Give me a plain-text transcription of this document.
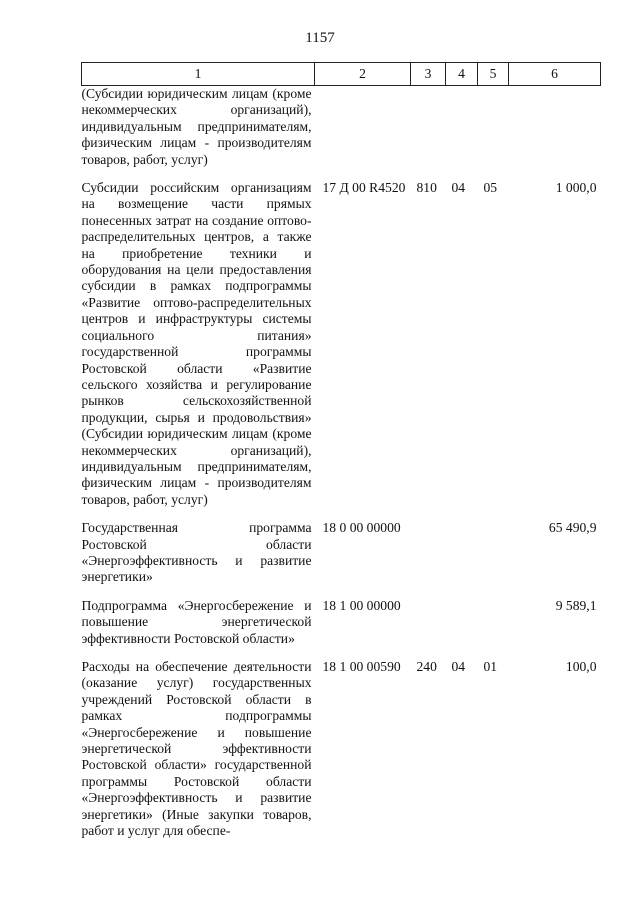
1157
1	2	3	4	5	6
(Субсидии юридическим лицам (кроме некоммерческих организаций), индивидуальным предпринимателям, физическим лицам - производителям товаров, работ, услуг)					
Субсидии российским организациям на возмещение части прямых понесенных затрат на создание оптово-распределительных центров, а также на приобретение техники и оборудования на цели предоставления субсидии в рамках подпрограммы «Развитие оптово-распределительных центров и инфраструктуры системы социального питания» государственной программы Ростовской области «Развитие сельского хозяйства и регулирование рынков сельскохозяйственной продукции, сырья и продовольствия» (Субсидии юридическим лицам (кроме некоммерческих организаций), индивидуальным предпринимателям, физическим лицам - производителям товаров, работ, услуг)	17 Д 00 R4520	810	04	05	1 000,0
Государственная программа Ростовской области «Энергоэффективность и развитие энергетики»	18 0 00 00000				65 490,9
Подпрограмма «Энергосбережение и повышение энергетической эффективности Ростовской области»	18 1 00 00000				9 589,1
Расходы на обеспечение деятельности (оказание услуг) государственных учреждений Ростовской области в рамках подпрограммы «Энергосбережение и повышение энергетической эффективности Ростовской области» государственной программы Ростовской области «Энергоэффективность и развитие энергетики» (Иные закупки товаров, работ и услуг для обеспе-	18 1 00 00590	240	04	01	100,0
